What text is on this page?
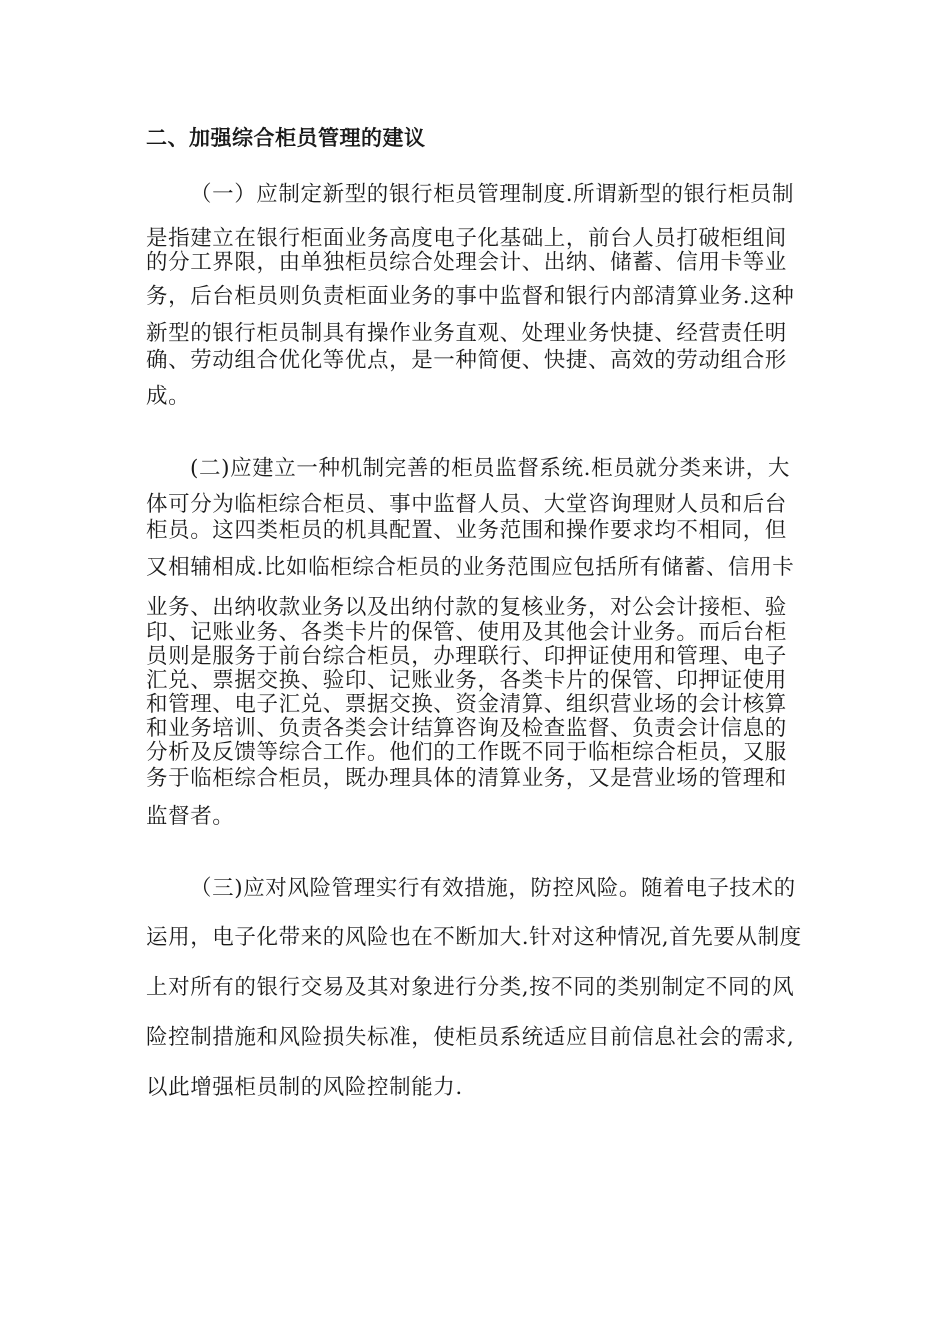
二、加强综合柜员管理的建议
（一）应制定新型的银行柜员管理制度.所谓新型的银行柜员制
是指建立在银行柜面业务高度电子化基础上，前台人员打破柜组间
的分工界限，由单独柜员综合处理会计、出纳、储蓄、信用卡等业
务，后台柜员则负责柜面业务的事中监督和银行内部清算业务.这种
新型的银行柜员制具有操作业务直观、处理业务快捷、经营责任明
确、劳动组合优化等优点，是一种简便、快捷、高效的劳动组合形
成。
(二)应建立一种机制完善的柜员监督系统.柜员就分类来讲，大
体可分为临柜综合柜员、事中监督人员、大堂咨询理财人员和后台
柜员。这四类柜员的机具配置、业务范围和操作要求均不相同，但
又相辅相成.比如临柜综合柜员的业务范围应包括所有储蓄、信用卡
业务、出纳收款业务以及出纳付款的复核业务，对公会计接柜、验
印、记账业务、各类卡片的保管、使用及其他会计业务。而后台柜
员则是服务于前台综合柜员，办理联行、印押证使用和管理、电子
汇兑、票据交换、验印、记账业务，各类卡片的保管、印押证使用
和管理、电子汇兑、票据交换、资金清算、组织营业场的会计核算
和业务培训、负责各类会计结算咨询及检查监督、负责会计信息的
分析及反馈等综合工作。他们的工作既不同于临柜综合柜员，又服
务于临柜综合柜员，既办理具体的清算业务，又是营业场的管理和
监督者。
（三)应对风险管理实行有效措施，防控风险。随着电子技术的
运用，电子化带来的风险也在不断加大.针对这种情况,首先要从制度
上对所有的银行交易及其对象进行分类,按不同的类别制定不同的风
险控制措施和风险损失标准，使柜员系统适应目前信息社会的需求,
以此增强柜员制的风险控制能力.
